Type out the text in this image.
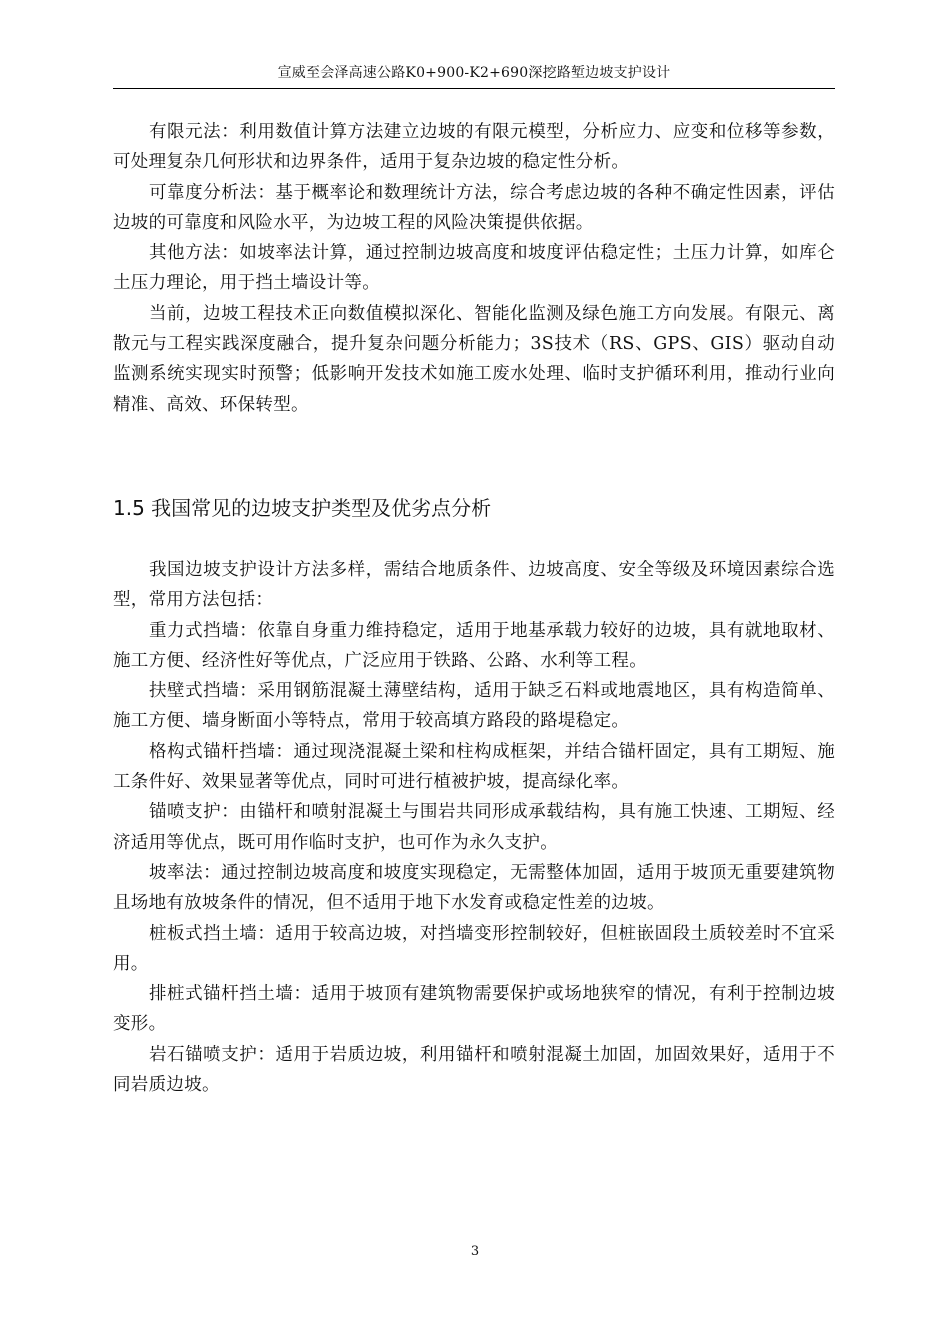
宣威至会泽高速公路K0+900-K2+690深挖路堑边坡支护设计

有限元法：利用数值计算方法建立边坡的有限元模型，分析应力、应变和位移等参数，可处理复杂几何形状和边界条件，适用于复杂边坡的稳定性分析。

可靠度分析法：基于概率论和数理统计方法，综合考虑边坡的各种不确定性因素，评估边坡的可靠度和风险水平，为边坡工程的风险决策提供依据。

其他方法：如坡率法计算，通过控制边坡高度和坡度评估稳定性；土压力计算，如库仑土压力理论，用于挡土墙设计等。

当前，边坡工程技术正向数值模拟深化、智能化监测及绿色施工方向发展。有限元、离散元与工程实践深度融合，提升复杂问题分析能力；3S技术（RS、GPS、GIS）驱动自动监测系统实现实时预警；低影响开发技术如施工废水处理、临时支护循环利用，推动行业向精准、高效、环保转型。

1.5 我国常见的边坡支护类型及优劣点分析

我国边坡支护设计方法多样，需结合地质条件、边坡高度、安全等级及环境因素综合选型，常用方法包括：

重力式挡墙：依靠自身重力维持稳定，适用于地基承载力较好的边坡，具有就地取材、施工方便、经济性好等优点，广泛应用于铁路、公路、水利等工程。

扶壁式挡墙：采用钢筋混凝土薄壁结构，适用于缺乏石料或地震地区，具有构造简单、施工方便、墙身断面小等特点，常用于较高填方路段的路堤稳定。

格构式锚杆挡墙：通过现浇混凝土梁和柱构成框架，并结合锚杆固定，具有工期短、施工条件好、效果显著等优点，同时可进行植被护坡，提高绿化率。

锚喷支护：由锚杆和喷射混凝土与围岩共同形成承载结构，具有施工快速、工期短、经济适用等优点，既可用作临时支护，也可作为永久支护。

坡率法：通过控制边坡高度和坡度实现稳定，无需整体加固，适用于坡顶无重要建筑物且场地有放坡条件的情况，但不适用于地下水发育或稳定性差的边坡。

桩板式挡土墙：适用于较高边坡，对挡墙变形控制较好，但桩嵌固段土质较差时不宜采用。

排桩式锚杆挡土墙：适用于坡顶有建筑物需要保护或场地狭窄的情况，有利于控制边坡变形。

岩石锚喷支护：适用于岩质边坡，利用锚杆和喷射混凝土加固，加固效果好，适用于不同岩质边坡。

3
